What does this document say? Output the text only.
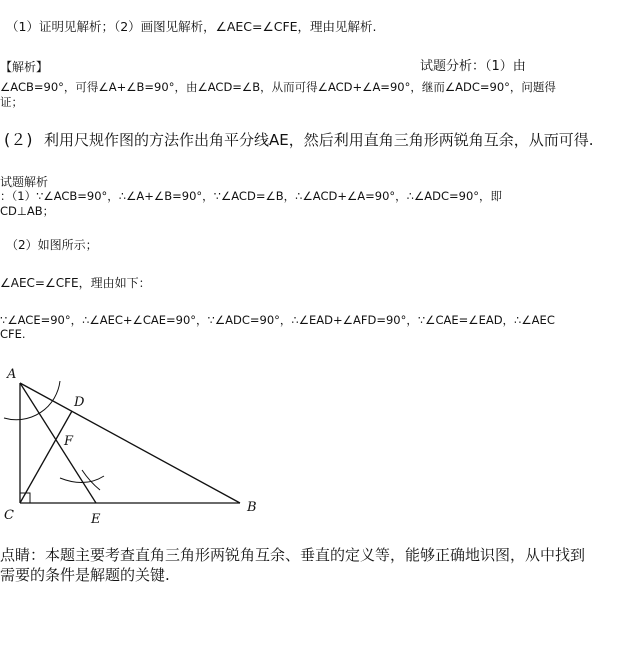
（1）证明见解析；（2）画图见解析，∠AEC=∠CFE，理由见解析.
【解析】	试题分析：（1）由
∠ACB=90°，可得∠A+∠B=90°，由∠ACD=∠B，从而可得∠ACD+∠A=90°，继而∠ADC=90°，问题得
证；
(２) 利用尺规作图的方法作出角平分线AE，然后利用直角三角形两锐角互余，从而可得.
试题解析
：（1）∵∠ACB=90°，∴∠A+∠B=90°，∵∠ACD=∠B，∴∠ACD+∠A=90°，∴∠ADC=90°，即
CD⊥AB；
（2）如图所示；
∠AEC=∠CFE，理由如下：
∵∠ACE=90°，∴∠AEC+∠CAE=90°，∵∠ADC=90°，∴∠EAD+∠AFD=90°，∵∠CAE=∠EAD，∴∠AEC
CFE.
A
D
F
C	E
B
点睛：本题主要考查直角三角形两锐角互余、垂直的定义等，能够正确地识图，从中找到
需要的条件是解题的关键.
